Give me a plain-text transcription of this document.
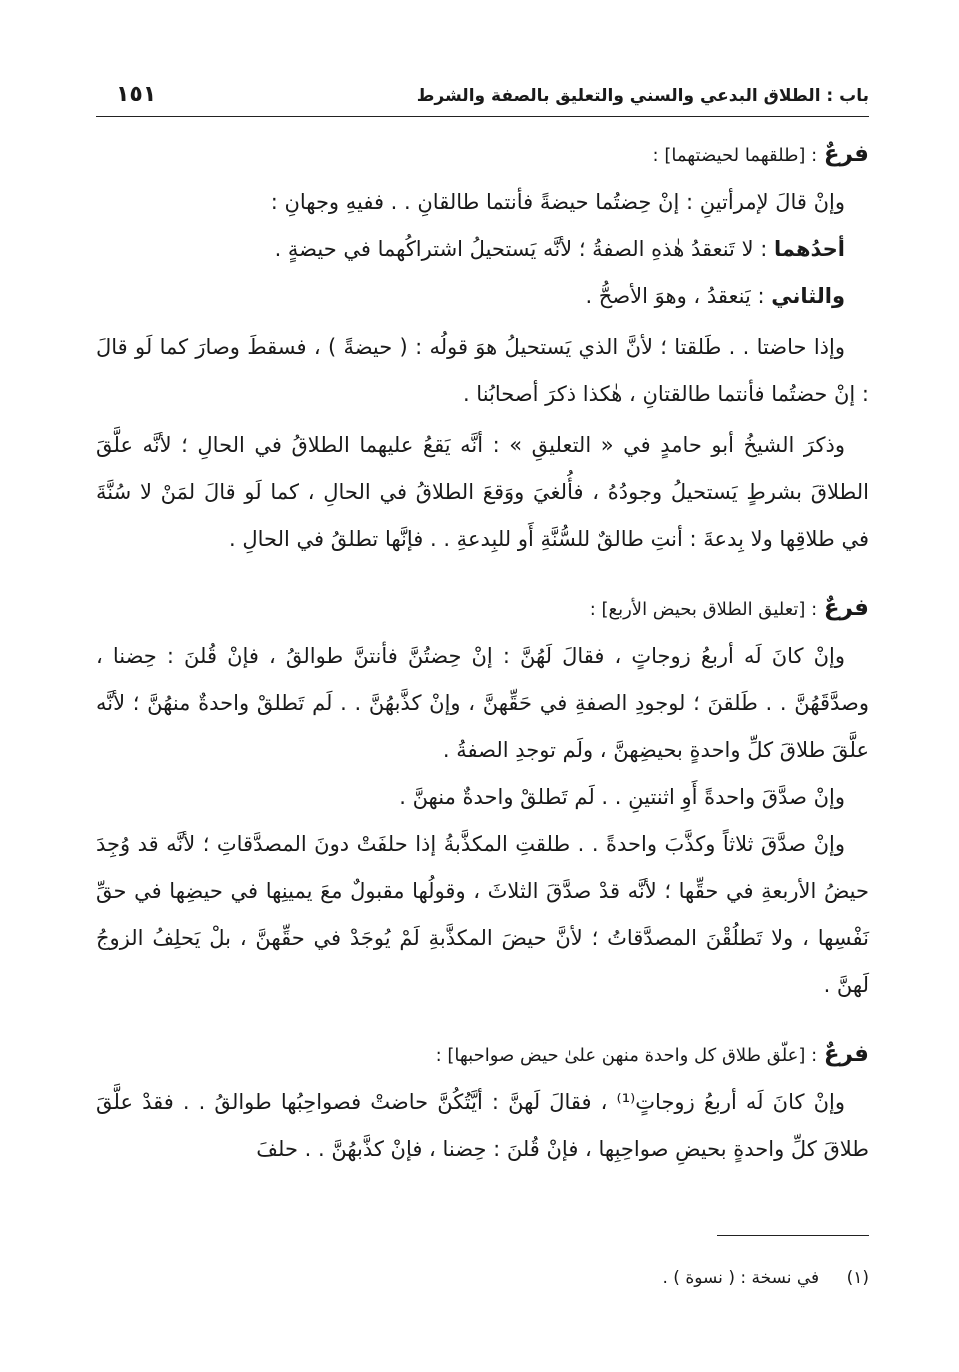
باب : الطلاق البدعي والسني والتعليق بالصفة والشرط
١٥١

فرعٌ : [طلقهما لحيضتهما] :

وإنْ قالَ لإمرأتينِ : إنْ حِضتُما حيضةً فأنتما طالقانِ . . ففيهِ وجهانِ :

أحدُهما : لا تَنعقدُ هٰذهِ الصفةُ ؛ لأنَّه يَستحيلُ اشتراكُهما في حيضةٍ .

والثاني : يَنعقدُ ، وهوَ الأصحُّ .

وإذا حاضتا . . طَلقتا ؛ لأنَّ الذي يَستحيلُ هوَ قولُه : ( حيضةً ) ، فسقطَ وصارَ كما لَو قالَ : إنْ حضتُما فأنتما طالقتانِ ، هٰكذا ذكرَ أصحابُنا .

وذكرَ الشيخُ أبو حامدٍ في « التعليقِ » : أنَّه يَقعُ عليهما الطلاقُ في الحالِ ؛ لأنَّه علَّقَ الطلاقَ بشرطٍ يَستحيلُ وجودُهُ ، فأُلغيَ ووَقعَ الطلاقُ في الحالِ ، كما لَو قالَ لمَنْ لا سُنَّةَ في طلاقِها ولا بِدعةَ : أنتِ طالقٌ للسُّنَّةِ أَو للبِدعةِ . . فإنَّها تطلقُ في الحالِ .

فرعٌ : [تعليق الطلاق بحيض الأربع] :

وإنْ كانَ لَه أربعُ زوجاتٍ ، فقالَ لَهُنَّ : إنْ حِضتُنَّ فأنتنَّ طوالقُ ، فإنْ قُلنَ : حِضنا ، وصدَّقَهُنَّ . . طَلقنَ ؛ لوجودِ الصفةِ في حَقِّهنَّ ، وإنْ كذَّبهُنَّ . . لَم تَطلقْ واحدةٌ منهُنَّ ؛ لأنَّه علَّقَ طلاقَ كلِّ واحدةٍ بحيضِهنَّ ، ولَم توجدِ الصفةُ .

وإنْ صدَّقَ واحدةً أَوِ اثنتينِ . . لَم تَطلقْ واحدةٌ منهنَّ .

وإنْ صدَّقَ ثلاثاً وكذَّبَ واحدةً . . طلقتِ المكذَّبةُ إذا حلفَتْ دونَ المصدَّقاتِ ؛ لأنَّه قد وُجِدَ حيضُ الأربعةِ في حقِّها ؛ لأنَّه قدْ صدَّقَ الثلاثَ ، وقولُها مقبولٌ معَ يمينِها في حيضِها في حقِّ نَفْسِها ، ولا تَطلُقْنَ المصدَّقاتُ ؛ لأنَّ حيضَ المكذَّبةِ لَمْ يُوجَدْ في حقِّهنَّ ، بلْ يَحلِفُ الزوجُ لَهنَّ .

فرعٌ : [علّق طلاق كل واحدة منهن علىٰ حيض صواحبها] :

وإنْ كانَ لَه أربعُ زوجاتٍ⁽¹⁾ ، فقالَ لَهنَّ : أيَّتُكُنَّ حاضتْ فصواحِبُها طوالقُ . . فقدْ علَّقَ طلاقَ كلِّ واحدةٍ بحيضِ صواحِبِها ، فإنْ قُلنَ : حِضنا ، فإنْ كذَّبهُنَّ . . حلفَ

(١) في نسخة : ( نسوة ) .
